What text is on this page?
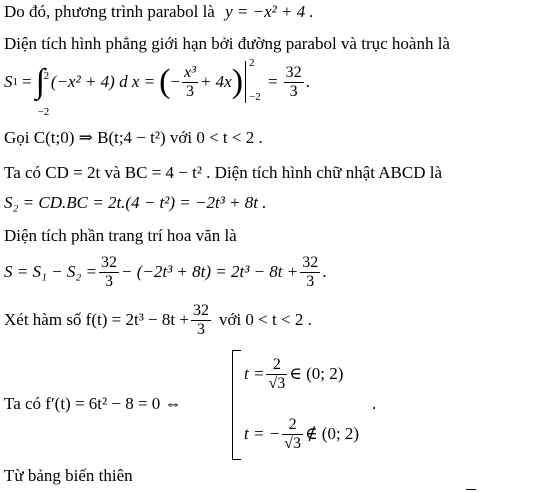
Do đó, phương trình parabol là y = −x² + 4 .
Diện tích hình phẳng giới hạn bởi đường parabol và trục hoành là
S 1 = ∫
2
−2
(−x² + 4) d x = ( − $\frac{\text{x³}}{3} + 4x$ ) 2
−2
= $\frac{32}{3}$ .
Gọi C(t;0) ⇒ B(t;4 − t²) với 0 < t < 2 .
Ta có CD = 2t và BC = 4 − t² . Diện tích hình chữ nhật ABCD là
S₂ = CD.BC = 2t.(4 − t²) = −2t³ + 8t .
Diện tích phần trang trí hoa văn là
$S = S_1 - S_2 = \frac{32}{3} - (-2t^3 + 8t) = 2t^3 - 8t + \frac{32}{3}$ .
Xét hàm số $f(t) = 2t^3 - 8t + \frac{32}{3}$ với 0 < t < 2 .
Ta có f′(t) = 6t² − 8 = 0 ⇔
$t = \frac{2}{√3}$ ∈ (0; 2)
t = − $\frac{2}{√3}$ ∉ (0; 2)
.
Từ bảng biến thiên
